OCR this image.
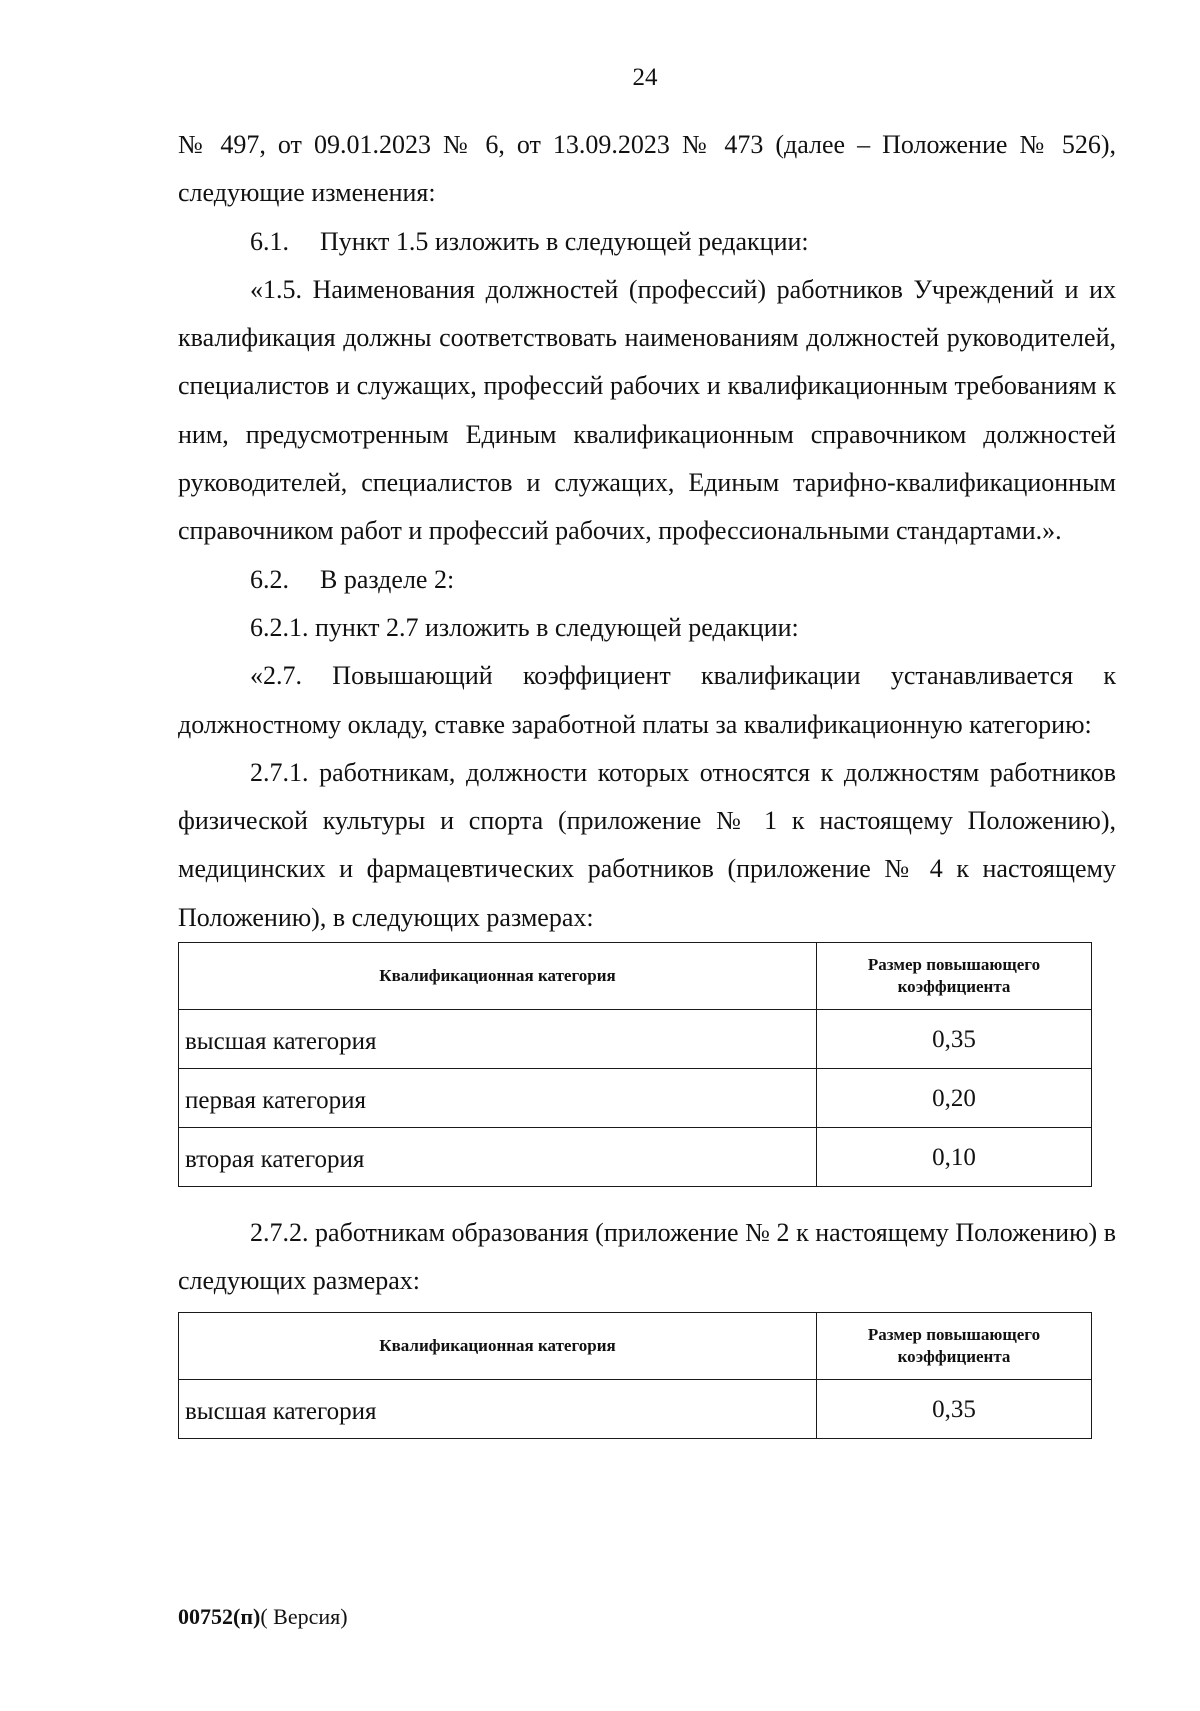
24

№ 497, от 09.01.2023 № 6, от 13.09.2023 № 473 (далее – Положение № 526), следующие изменения:

6.1. Пункт 1.5 изложить в следующей редакции:

«1.5. Наименования должностей (профессий) работников Учреждений и их квалификация должны соответствовать наименованиям должностей руководителей, специалистов и служащих, профессий рабочих и квалификационным требованиям к ним, предусмотренным Единым квалификационным справочником должностей руководителей, специалистов и служащих, Единым тарифно-квалификационным справочником работ и профессий рабочих, профессиональными стандартами.».

6.2. В разделе 2:

6.2.1. пункт 2.7 изложить в следующей редакции:

«2.7. Повышающий коэффициент квалификации устанавливается к должностному окладу, ставке заработной платы за квалификационную категорию:

2.7.1. работникам, должности которых относятся к должностям работников физической культуры и спорта (приложение № 1 к настоящему Положению), медицинских и фармацевтических работников (приложение № 4 к настоящему Положению), в следующих размерах:

Квалификационная категория	Размер повышающего
коэффициента
высшая категория	0,35
первая категория	0,20
вторая категория	0,10

2.7.2. работникам образования (приложение № 2 к настоящему Положению) в следующих размерах:

Квалификационная категория	Размер повышающего
коэффициента
высшая категория	0,35
00752(п)( Версия)
